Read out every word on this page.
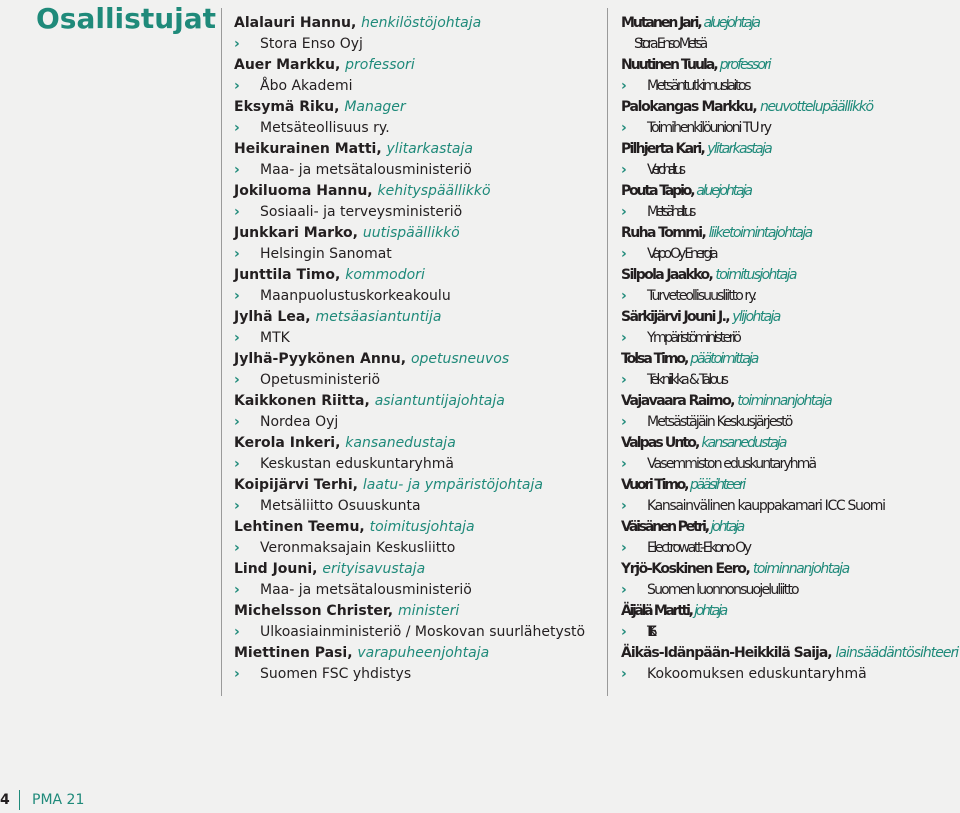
Osallistujat Alalauri Hannu, henkilöstöjohtaja
› Stora Enso Oyj
Auer Markku, professori
› Åbo Akademi
Eksymä Riku, Manager
› Metsäteollisuus ry.
Heikurainen Matti, ylitarkastaja
› Maa- ja metsätalousministeriö
Jokiluoma Hannu, kehityspäällikkö
› Sosiaali- ja terveysministeriö
Junkkari Marko, uutispäällikkö
› Helsingin Sanomat
Junttila Timo, kommodori
› Maanpuolustuskorkeakoulu
Jylhä Lea, metsäasiantuntija
› MTK
Jylhä-Pyykönen Annu, opetusneuvos
› Opetusministeriö
Kaikkonen Riitta, asiantuntijajohtaja
› Nordea Oyj
Kerola Inkeri, kansanedustaja
› Keskustan eduskuntaryhmä
Koipijärvi Terhi, laatu- ja ympäristöjohtaja
› Metsäliitto Osuuskunta
Lehtinen Teemu, toimitusjohtaja
› Veronmaksajain Keskusliitto
Lind Jouni, erityisavustaja
› Maa- ja metsätalousministeriö
Michelsson Christer, ministeri
› Ulkoasiainministeriö / Moskovan suurlähetystö
Miettinen Pasi, varapuheenjohtaja
› Suomen FSC yhdistys
Mutanen Jari, aluejohtaja
Stora Enso Metsä
Nuutinen Tuula, professori
› Metsäntutkimuslaitos
Palokangas Markku, neuvottelupäällikkö
› Toimihenkilöunioni TU ry
Pilhjerta Kari, ylitarkastaja
› Verohallitus
Pouta Tapio, aluejohtaja
› Metsähallitus
Ruha Tommi, liiketoimintajohtaja
› Vapo Oy Energia
Silpola Jaakko, toimitusjohtaja
› Turveteollisuusliitto ry.
Särkijärvi Jouni J., ylijohtaja
› Ympäristöministeriö
Tolsa Timo, päätoimittaja
› Tekniikka & Talous
Vajavaara Raimo, toiminnanjohtaja
› Metsästäjäin Keskusjärjestö
Valpas Unto, kansanedustaja
› Vasemmiston eduskuntaryhmä
Vuori Timo, pääsihteeri
› Kansainvälinen kauppakamari ICC Suomi
Väisänen Petri, johtaja
› Electrowatt-Ekono Oy
Yrjö-Koskinen Eero, toiminnanjohtaja
› Suomen luonnonsuojeluliitto
Äijälä Martti, johtaja
TEKES
Äikäs-Idänpään-Heikkilä Saija, lainsäädäntösihteeri
› Kokoomuksen eduskuntaryhmä
4 PMA 21
